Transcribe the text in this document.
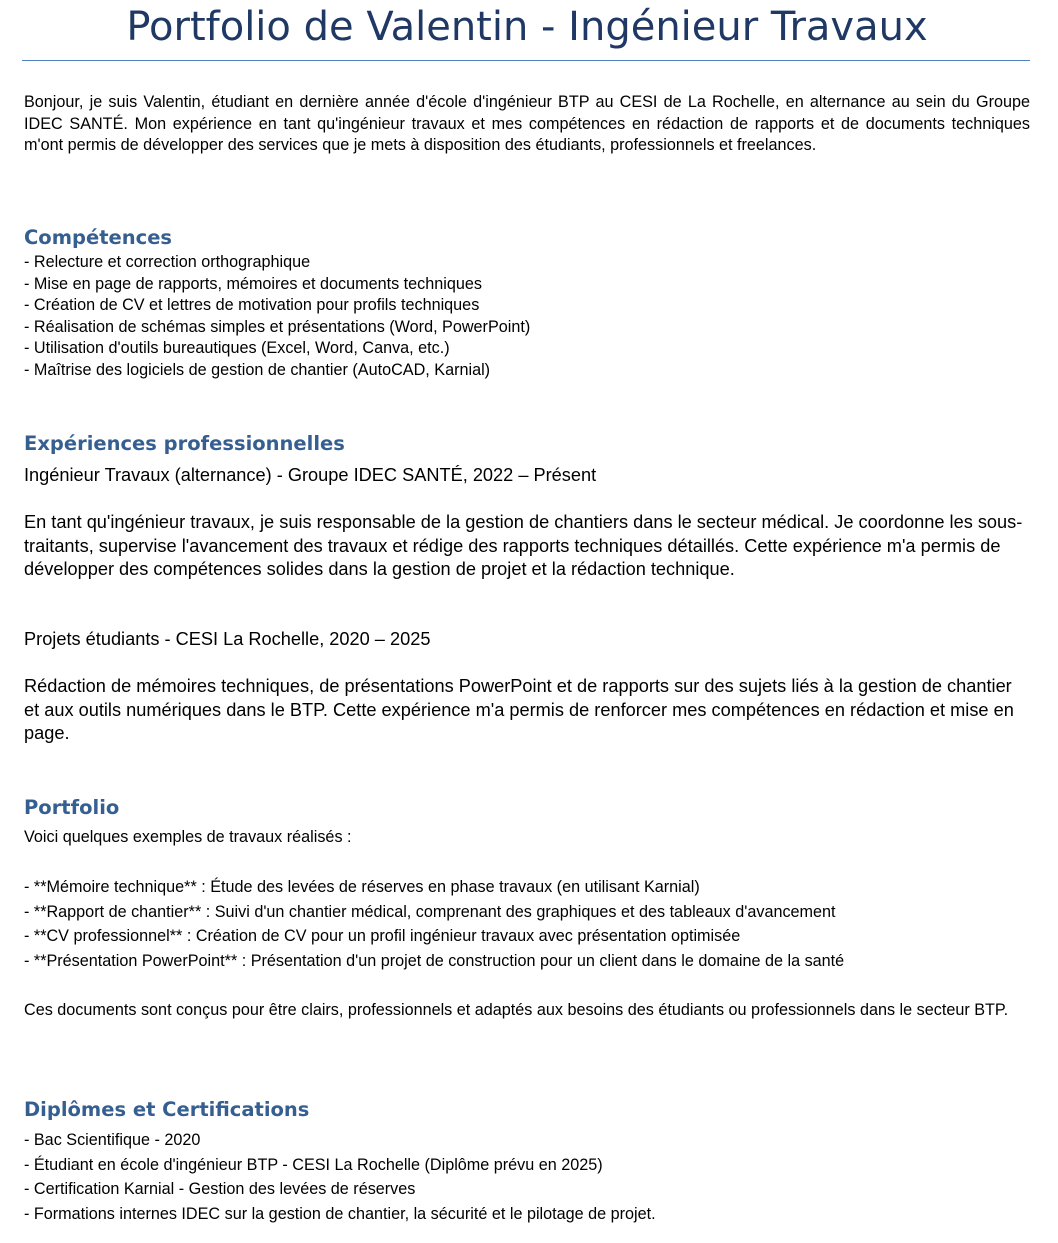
Portfolio de Valentin - Ingénieur Travaux
Bonjour, je suis Valentin, étudiant en dernière année d'école d'ingénieur BTP au CESI de La Rochelle, en alternance au sein du Groupe IDEC SANTÉ. Mon expérience en tant qu'ingénieur travaux et mes compétences en rédaction de rapports et de documents techniques m'ont permis de développer des services que je mets à disposition des étudiants, professionnels et freelances.
Compétences
- Relecture et correction orthographique
- Mise en page de rapports, mémoires et documents techniques
- Création de CV et lettres de motivation pour profils techniques
- Réalisation de schémas simples et présentations (Word, PowerPoint)
- Utilisation d'outils bureautiques (Excel, Word, Canva, etc.)
- Maîtrise des logiciels de gestion de chantier (AutoCAD, Karnial)
Expériences professionnelles
Ingénieur Travaux (alternance) - Groupe IDEC SANTÉ, 2022 – Présent
En tant qu'ingénieur travaux, je suis responsable de la gestion de chantiers dans le secteur médical. Je coordonne les sous-traitants, supervise l'avancement des travaux et rédige des rapports techniques détaillés. Cette expérience m'a permis de développer des compétences solides dans la gestion de projet et la rédaction technique.
Projets étudiants - CESI La Rochelle, 2020 – 2025
Rédaction de mémoires techniques, de présentations PowerPoint et de rapports sur des sujets liés à la gestion de chantier et aux outils numériques dans le BTP. Cette expérience m'a permis de renforcer mes compétences en rédaction et mise en page.
Portfolio
Voici quelques exemples de travaux réalisés :
- **Mémoire technique** : Étude des levées de réserves en phase travaux (en utilisant Karnial)
- **Rapport de chantier** : Suivi d'un chantier médical, comprenant des graphiques et des tableaux d'avancement
- **CV professionnel** : Création de CV pour un profil ingénieur travaux avec présentation optimisée
- **Présentation PowerPoint** : Présentation d'un projet de construction pour un client dans le domaine de la santé
Ces documents sont conçus pour être clairs, professionnels et adaptés aux besoins des étudiants ou professionnels dans le secteur BTP.
Diplômes et Certifications
- Bac Scientifique - 2020
- Étudiant en école d'ingénieur BTP - CESI La Rochelle (Diplôme prévu en 2025)
- Certification Karnial - Gestion des levées de réserves
- Formations internes IDEC sur la gestion de chantier, la sécurité et le pilotage de projet.
